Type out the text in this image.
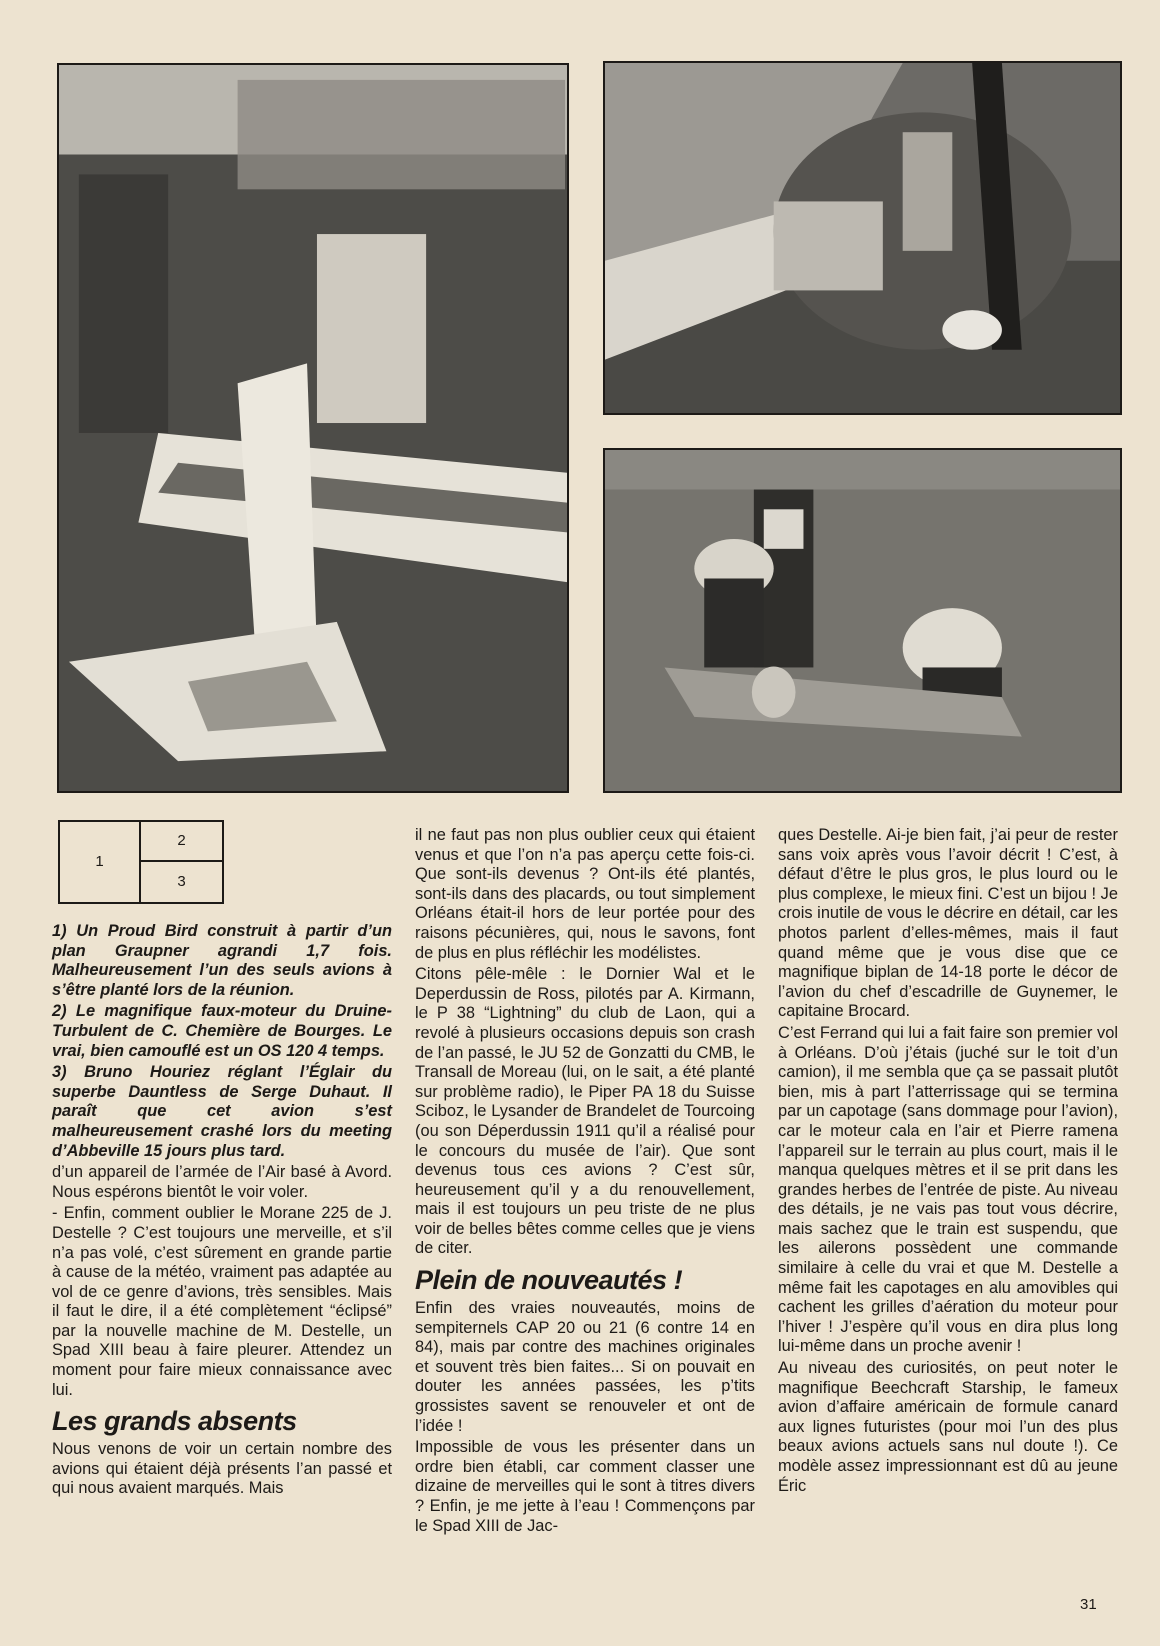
1
2
3

1) Un Proud Bird construit à partir d’un plan Graupner agrandi 1,7 fois. Malheureusement l’un des seuls avions à s’être planté lors de la réunion.

2) Le magnifique faux-moteur du Druine-Turbulent de C. Chemière de Bourges. Le vrai, bien camouflé est un OS 120 4 temps.

3) Bruno Houriez réglant l’Églair du superbe Dauntless de Serge Duhaut. Il paraît que cet avion s’est malheureusement crashé lors du meeting d’Abbeville 15 jours plus tard.

d’un appareil de l’armée de l’Air basé à Avord. Nous espérons bientôt le voir voler.

- Enfin, comment oublier le Morane 225 de J. Destelle ? C’est toujours une merveille, et s’il n’a pas volé, c’est sûrement en grande partie à cause de la météo, vraiment pas adaptée au vol de ce genre d’avions, très sensibles. Mais il faut le dire, il a été complètement “éclipsé” par la nouvelle machine de M. Destelle, un Spad XIII beau à faire pleurer. Attendez un moment pour faire mieux connaissance avec lui.

Les grands absents

Nous venons de voir un certain nombre des avions qui étaient déjà présents l’an passé et qui nous avaient marqués. Mais

il ne faut pas non plus oublier ceux qui étaient venus et que l’on n’a pas aperçu cette fois-ci. Que sont-ils devenus ? Ont-ils été plantés, sont-ils dans des placards, ou tout simplement Orléans était-il hors de leur portée pour des raisons pécunières, qui, nous le savons, font de plus en plus réfléchir les modélistes.

Citons pêle-mêle : le Dornier Wal et le Deperdussin de Ross, pilotés par A. Kirmann, le P 38 “Lightning” du club de Laon, qui a revolé à plusieurs occasions depuis son crash de l’an passé, le JU 52 de Gonzatti du CMB, le Transall de Moreau (lui, on le sait, a été planté sur problème radio), le Piper PA 18 du Suisse Sciboz, le Lysander de Brandelet de Tourcoing (ou son Déperdussin 1911 qu’il a réalisé pour le concours du musée de l’air). Que sont devenus tous ces avions ? C’est sûr, heureusement qu’il y a du renouvellement, mais il est toujours un peu triste de ne plus voir de belles bêtes comme celles que je viens de citer.

Plein de nouveautés !

Enfin des vraies nouveautés, moins de sempiternels CAP 20 ou 21 (6 contre 14 en 84), mais par contre des machines originales et souvent très bien faites... Si on pouvait en douter les années passées, les p’tits grossistes savent se renouveler et ont de l’idée !

Impossible de vous les présenter dans un ordre bien établi, car comment classer une dizaine de merveilles qui le sont à titres divers ? Enfin, je me jette à l’eau ! Commençons par le Spad XIII de Jac-

ques Destelle. Ai-je bien fait, j’ai peur de rester sans voix après vous l’avoir décrit ! C’est, à défaut d’être le plus gros, le plus lourd ou le plus complexe, le mieux fini. C’est un bijou ! Je crois inutile de vous le décrire en détail, car les photos parlent d’elles-mêmes, mais il faut quand même que je vous dise que ce magnifique biplan de 14-18 porte le décor de l’avion du chef d’escadrille de Guynemer, le capitaine Brocard.

C’est Ferrand qui lui a fait faire son premier vol à Orléans. D’où j’étais (juché sur le toit d’un camion), il me sembla que ça se passait plutôt bien, mis à part l’atterrissage qui se termina par un capotage (sans dommage pour l’avion), car le moteur cala en l’air et Pierre ramena l’appareil sur le terrain au plus court, mais il le manqua quelques mètres et il se prit dans les grandes herbes de l’entrée de piste. Au niveau des détails, je ne vais pas tout vous décrire, mais sachez que le train est suspendu, que les ailerons possèdent une commande similaire à celle du vrai et que M. Destelle a même fait les capotages en alu amovibles qui cachent les grilles d’aération du moteur pour l’hiver ! J’espère qu’il vous en dira plus long lui-même dans un proche avenir !

Au niveau des curiosités, on peut noter le magnifique Beechcraft Starship, le fameux avion d’affaire américain de formule canard aux lignes futuristes (pour moi l’un des plus beaux avions actuels sans nul doute !). Ce modèle assez impressionnant est dû au jeune Éric

31
